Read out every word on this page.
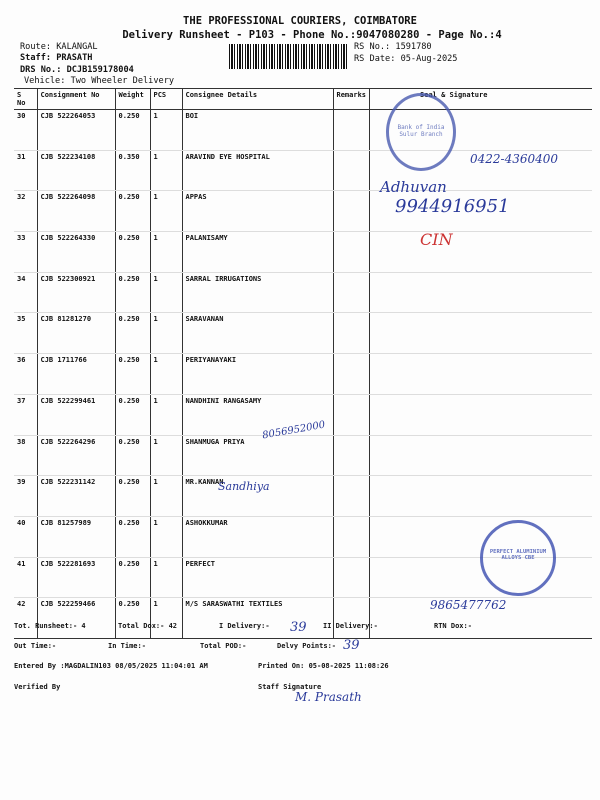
THE PROFESSIONAL COURIERS, COIMBATORE
Delivery Runsheet - P103 - Phone No.:9047080280 - Page No.:4
Route: KALANGAL
Staff: PRASATH
DRS No.: DCJB159178004
Vehicle: Two Wheeler Delivery
RS No.: 1591780
RS Date: 05-Aug-2025
S No	Consignment No	Weight	PCS	Consignee Details	Remarks	Seal & Signature
30	CJB 522264053	0.250	1	BOI		
31	CJB 522234108	0.350	1	ARAVIND EYE HOSPITAL		
32	CJB 522264098	0.250	1	APPAS		
33	CJB 522264330	0.250	1	PALANISAMY		
34	CJB 522300921	0.250	1	SARRAL IRRUGATIONS		
35	CJB 81281270	0.250	1	SARAVANAN		
36	CJB 1711766	0.250	1	PERIYANAYAKI		
37	CJB 522299461	0.250	1	NANDHINI RANGASAMY		
38	CJB 522264296	0.250	1	SHANMUGA PRIYA		
39	CJB 522231142	0.250	1	MR.KANNAN		
40	CJB 81257989	0.250	1	ASHOKKUMAR		
41	CJB 522281693	0.250	1	PERFECT		
42	CJB 522259466	0.250	1	M/S SARASWATHI TEXTILES		
Bank of India Sulur Branch
PERFECT ALUMINIUM ALLOYS CBE
0422-4360400
Adhuvan
9944916951
CIN
8056952000
Sandhiya
9865477762
Tot. Runsheet:- 4	Total Dox:- 42	I Delivery:- 39 II Delivery:-	RTN Dox:-
Out Time:-	In Time:-	Total POD:-	Delvy Points:- 39
Entered By :MAGDALIN103 08/05/2025 11:04:01 AM	Printed On: 05-08-2025 11:08:26
Verified By	Staff Signature
M. Prasath
